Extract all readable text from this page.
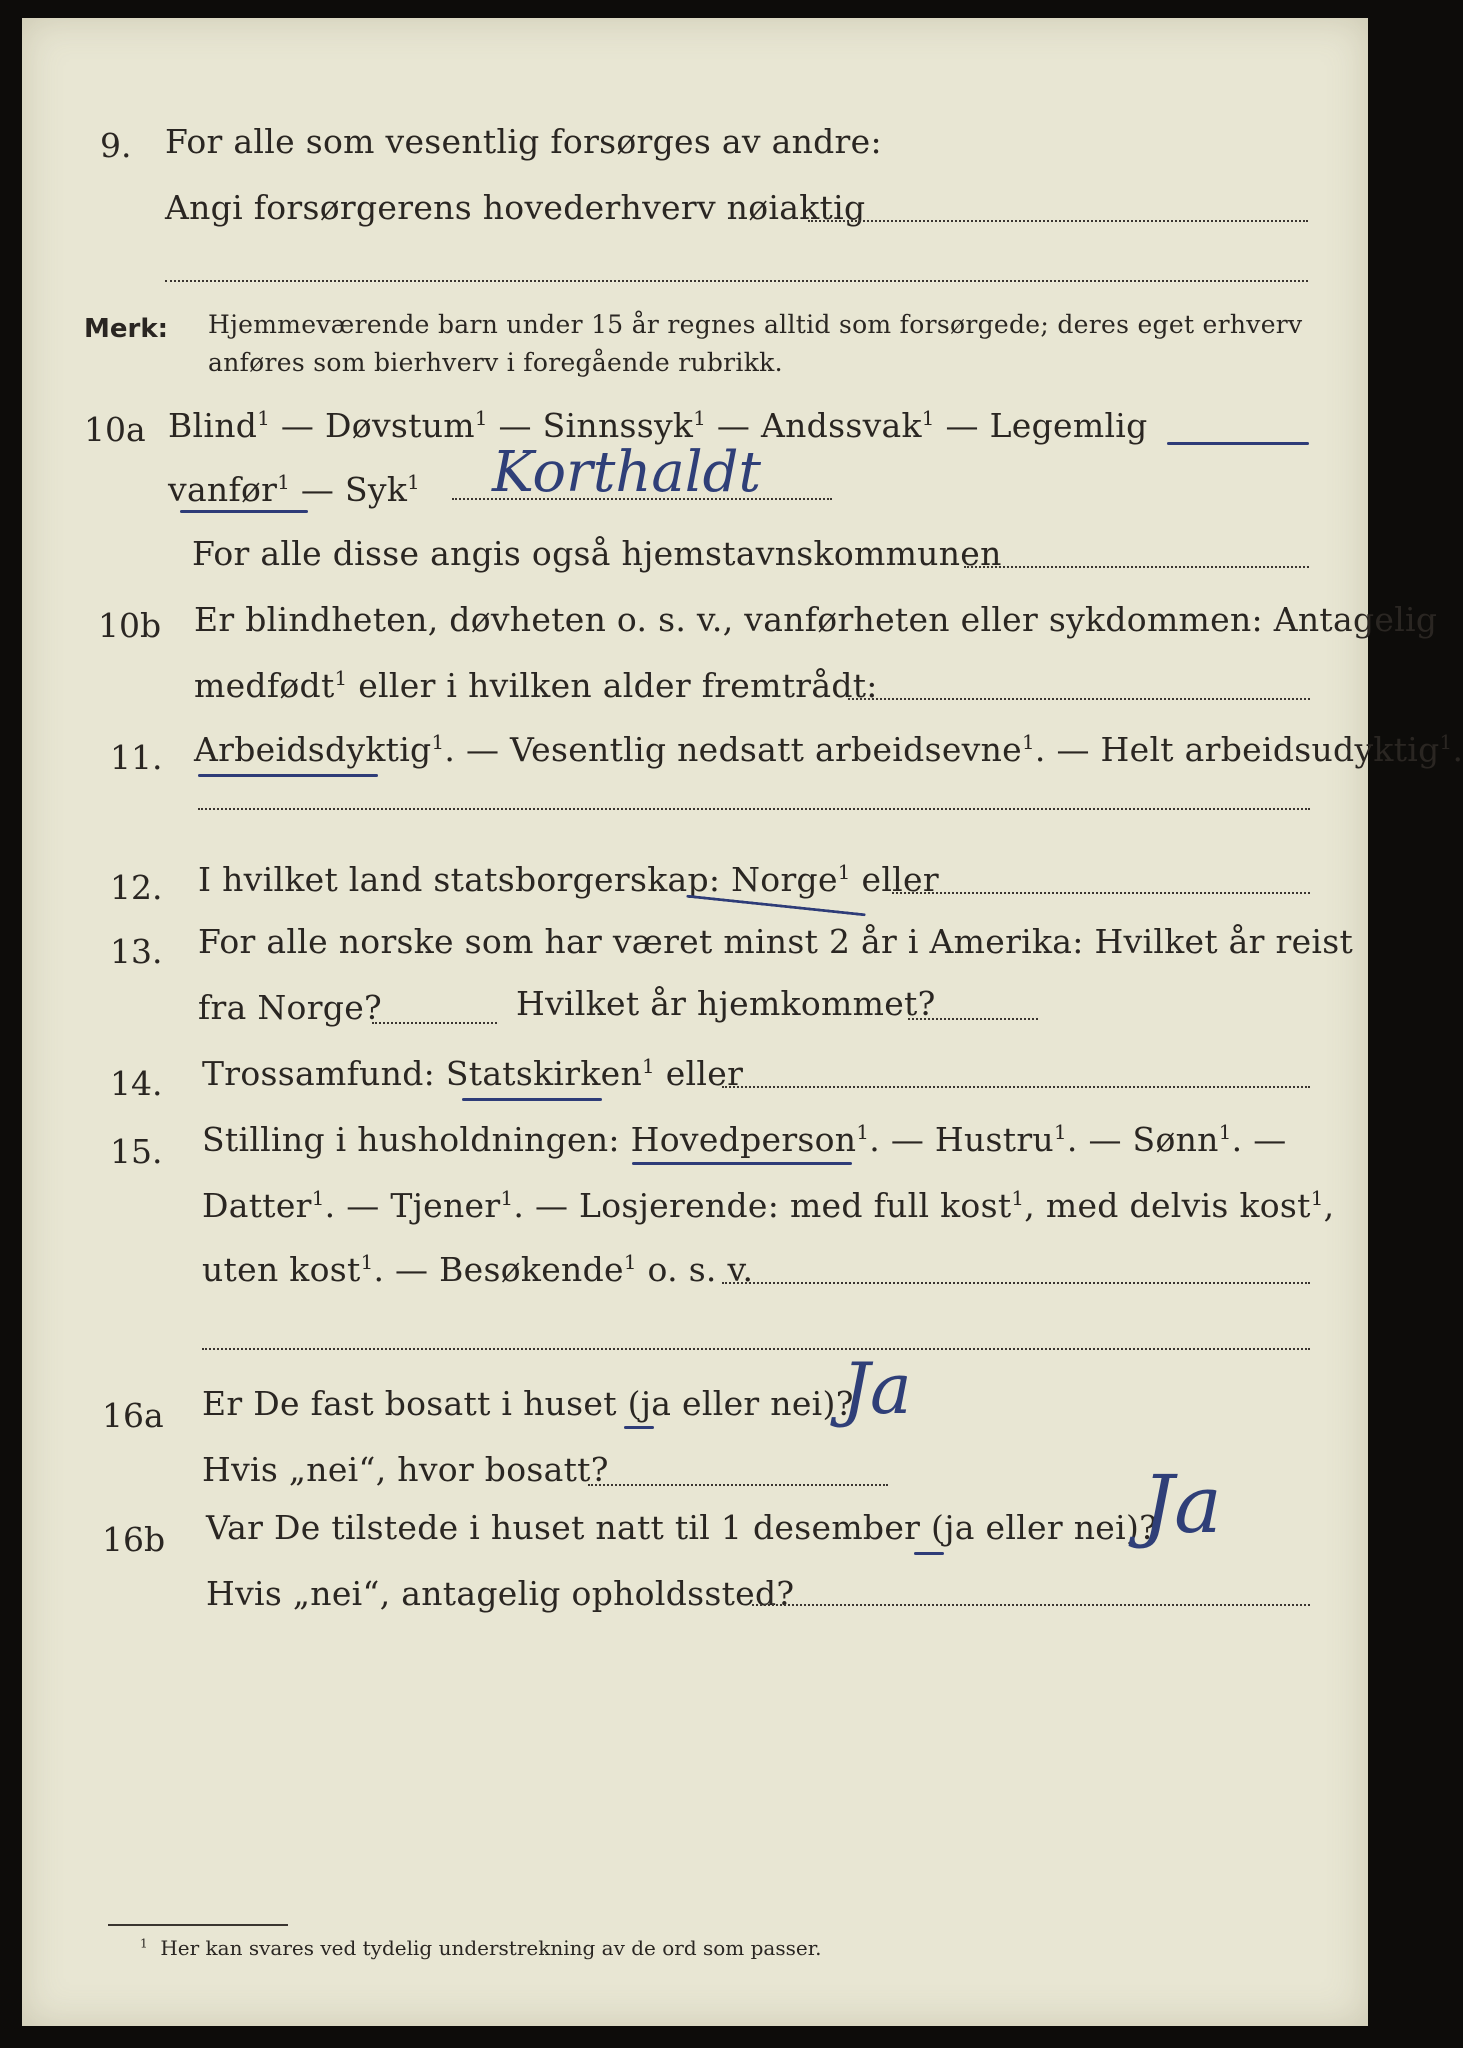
9. For alle som vesentlig forsørges av andre:
Angi forsørgerens hovederhverv nøiaktig
Merk: Hjemmeværende barn under 15 år regnes alltid som forsørgede; deres eget erhverv
anføres som bierhverv i foregående rubrikk.
10a Blind$^1$ — Døvstum$^1$ — Sinnssyk$^1$ — Andssvak$^1$ — Legemlig
vanfør$^1$ — Syk$^1$ Korthaldt
For alle disse angis også hjemstavnskommunen
10b Er blindheten, døvheten o. s. v., vanførheten eller sykdommen: Antagelig
medfødt$^1$ eller i hvilken alder fremtrådt:
11. Arbeidsdyktig$^1$. — Vesentlig nedsatt arbeidsevne$^1$. — Helt arbeidsudyktig$^1$.
12. I hvilket land statsborgerskap: Norge$^1$ eller
13. For alle norske som har været minst 2 år i Amerika: Hvilket år reist
fra Norge?	Hvilket år hjemkommet?
14. Trossamfund: Statskirken$^1$ eller
15. Stilling i husholdningen: Hovedperson$^1$. — Hustru$^1$. — Sønn$^1$. —
Datter$^1$. — Tjener$^1$. — Losjerende: med full kost$^1$, med delvis kost$^1$,
uten kost$^1$. — Besøkende$^1$ o. s. v.
16a Er De fast bosatt i huset (ja eller nei)?
Ja
Hvis „nei“, hvor bosatt?
16b Var De tilstede i huset natt til 1 desember (ja eller nei)?
Ja
Hvis „nei“, antagelig opholdssted?
$^1$ Her kan svares ved tydelig understrekning av de ord som passer.
